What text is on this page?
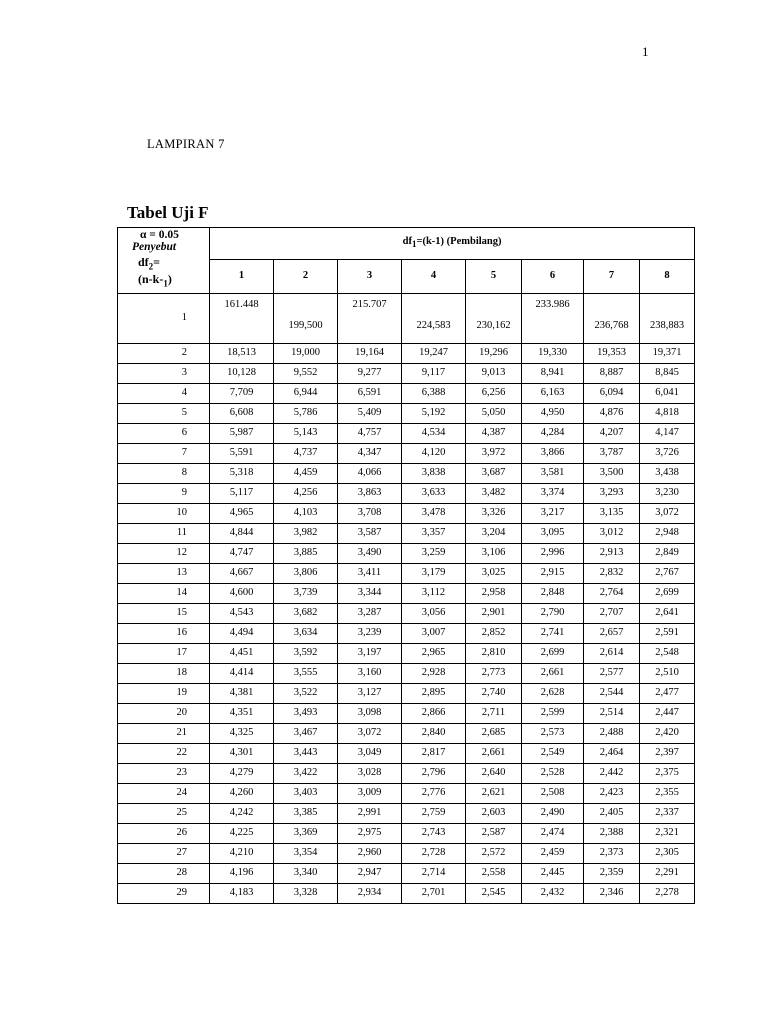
1
LAMPIRAN 7
Tabel Uji F
α = 0.05
Penyebut
$df_2=$
$(n-k-_1)$	$df_1=(k-1)$ (Pembilang)							
	1	2	3	4	5	6	7	8
1	161.448	199,500	215.707	224,583	230,162	233.986	236,768	238,883
2	18,513	19,000	19,164	19,247	19,296	19,330	19,353	19,371
3	10,128	9,552	9,277	9,117	9,013	8,941	8,887	8,845
4	7,709	6,944	6,591	6,388	6,256	6,163	6,094	6,041
5	6,608	5,786	5,409	5,192	5,050	4,950	4,876	4,818
6	5,987	5,143	4,757	4,534	4,387	4,284	4,207	4,147
7	5,591	4,737	4,347	4,120	3,972	3,866	3,787	3,726
8	5,318	4,459	4,066	3,838	3,687	3,581	3,500	3,438
9	5,117	4,256	3,863	3,633	3,482	3,374	3,293	3,230
10	4,965	4,103	3,708	3,478	3,326	3,217	3,135	3,072
11	4,844	3,982	3,587	3,357	3,204	3,095	3,012	2,948
12	4,747	3,885	3,490	3,259	3,106	2,996	2,913	2,849
13	4,667	3,806	3,411	3,179	3,025	2,915	2,832	2,767
14	4,600	3,739	3,344	3,112	2,958	2,848	2,764	2,699
15	4,543	3,682	3,287	3,056	2,901	2,790	2,707	2,641
16	4,494	3,634	3,239	3,007	2,852	2,741	2,657	2,591
17	4,451	3,592	3,197	2,965	2,810	2,699	2,614	2,548
18	4,414	3,555	3,160	2,928	2,773	2,661	2,577	2,510
19	4,381	3,522	3,127	2,895	2,740	2,628	2,544	2,477
20	4,351	3,493	3,098	2,866	2,711	2,599	2,514	2,447
21	4,325	3,467	3,072	2,840	2,685	2,573	2,488	2,420
22	4,301	3,443	3,049	2,817	2,661	2,549	2,464	2,397
23	4,279	3,422	3,028	2,796	2,640	2,528	2,442	2,375
24	4,260	3,403	3,009	2,776	2,621	2,508	2,423	2,355
25	4,242	3,385	2,991	2,759	2,603	2,490	2,405	2,337
26	4,225	3,369	2,975	2,743	2,587	2,474	2,388	2,321
27	4,210	3,354	2,960	2,728	2,572	2,459	2,373	2,305
28	4,196	3,340	2,947	2,714	2,558	2,445	2,359	2,291
29	4,183	3,328	2,934	2,701	2,545	2,432	2,346	2,278
